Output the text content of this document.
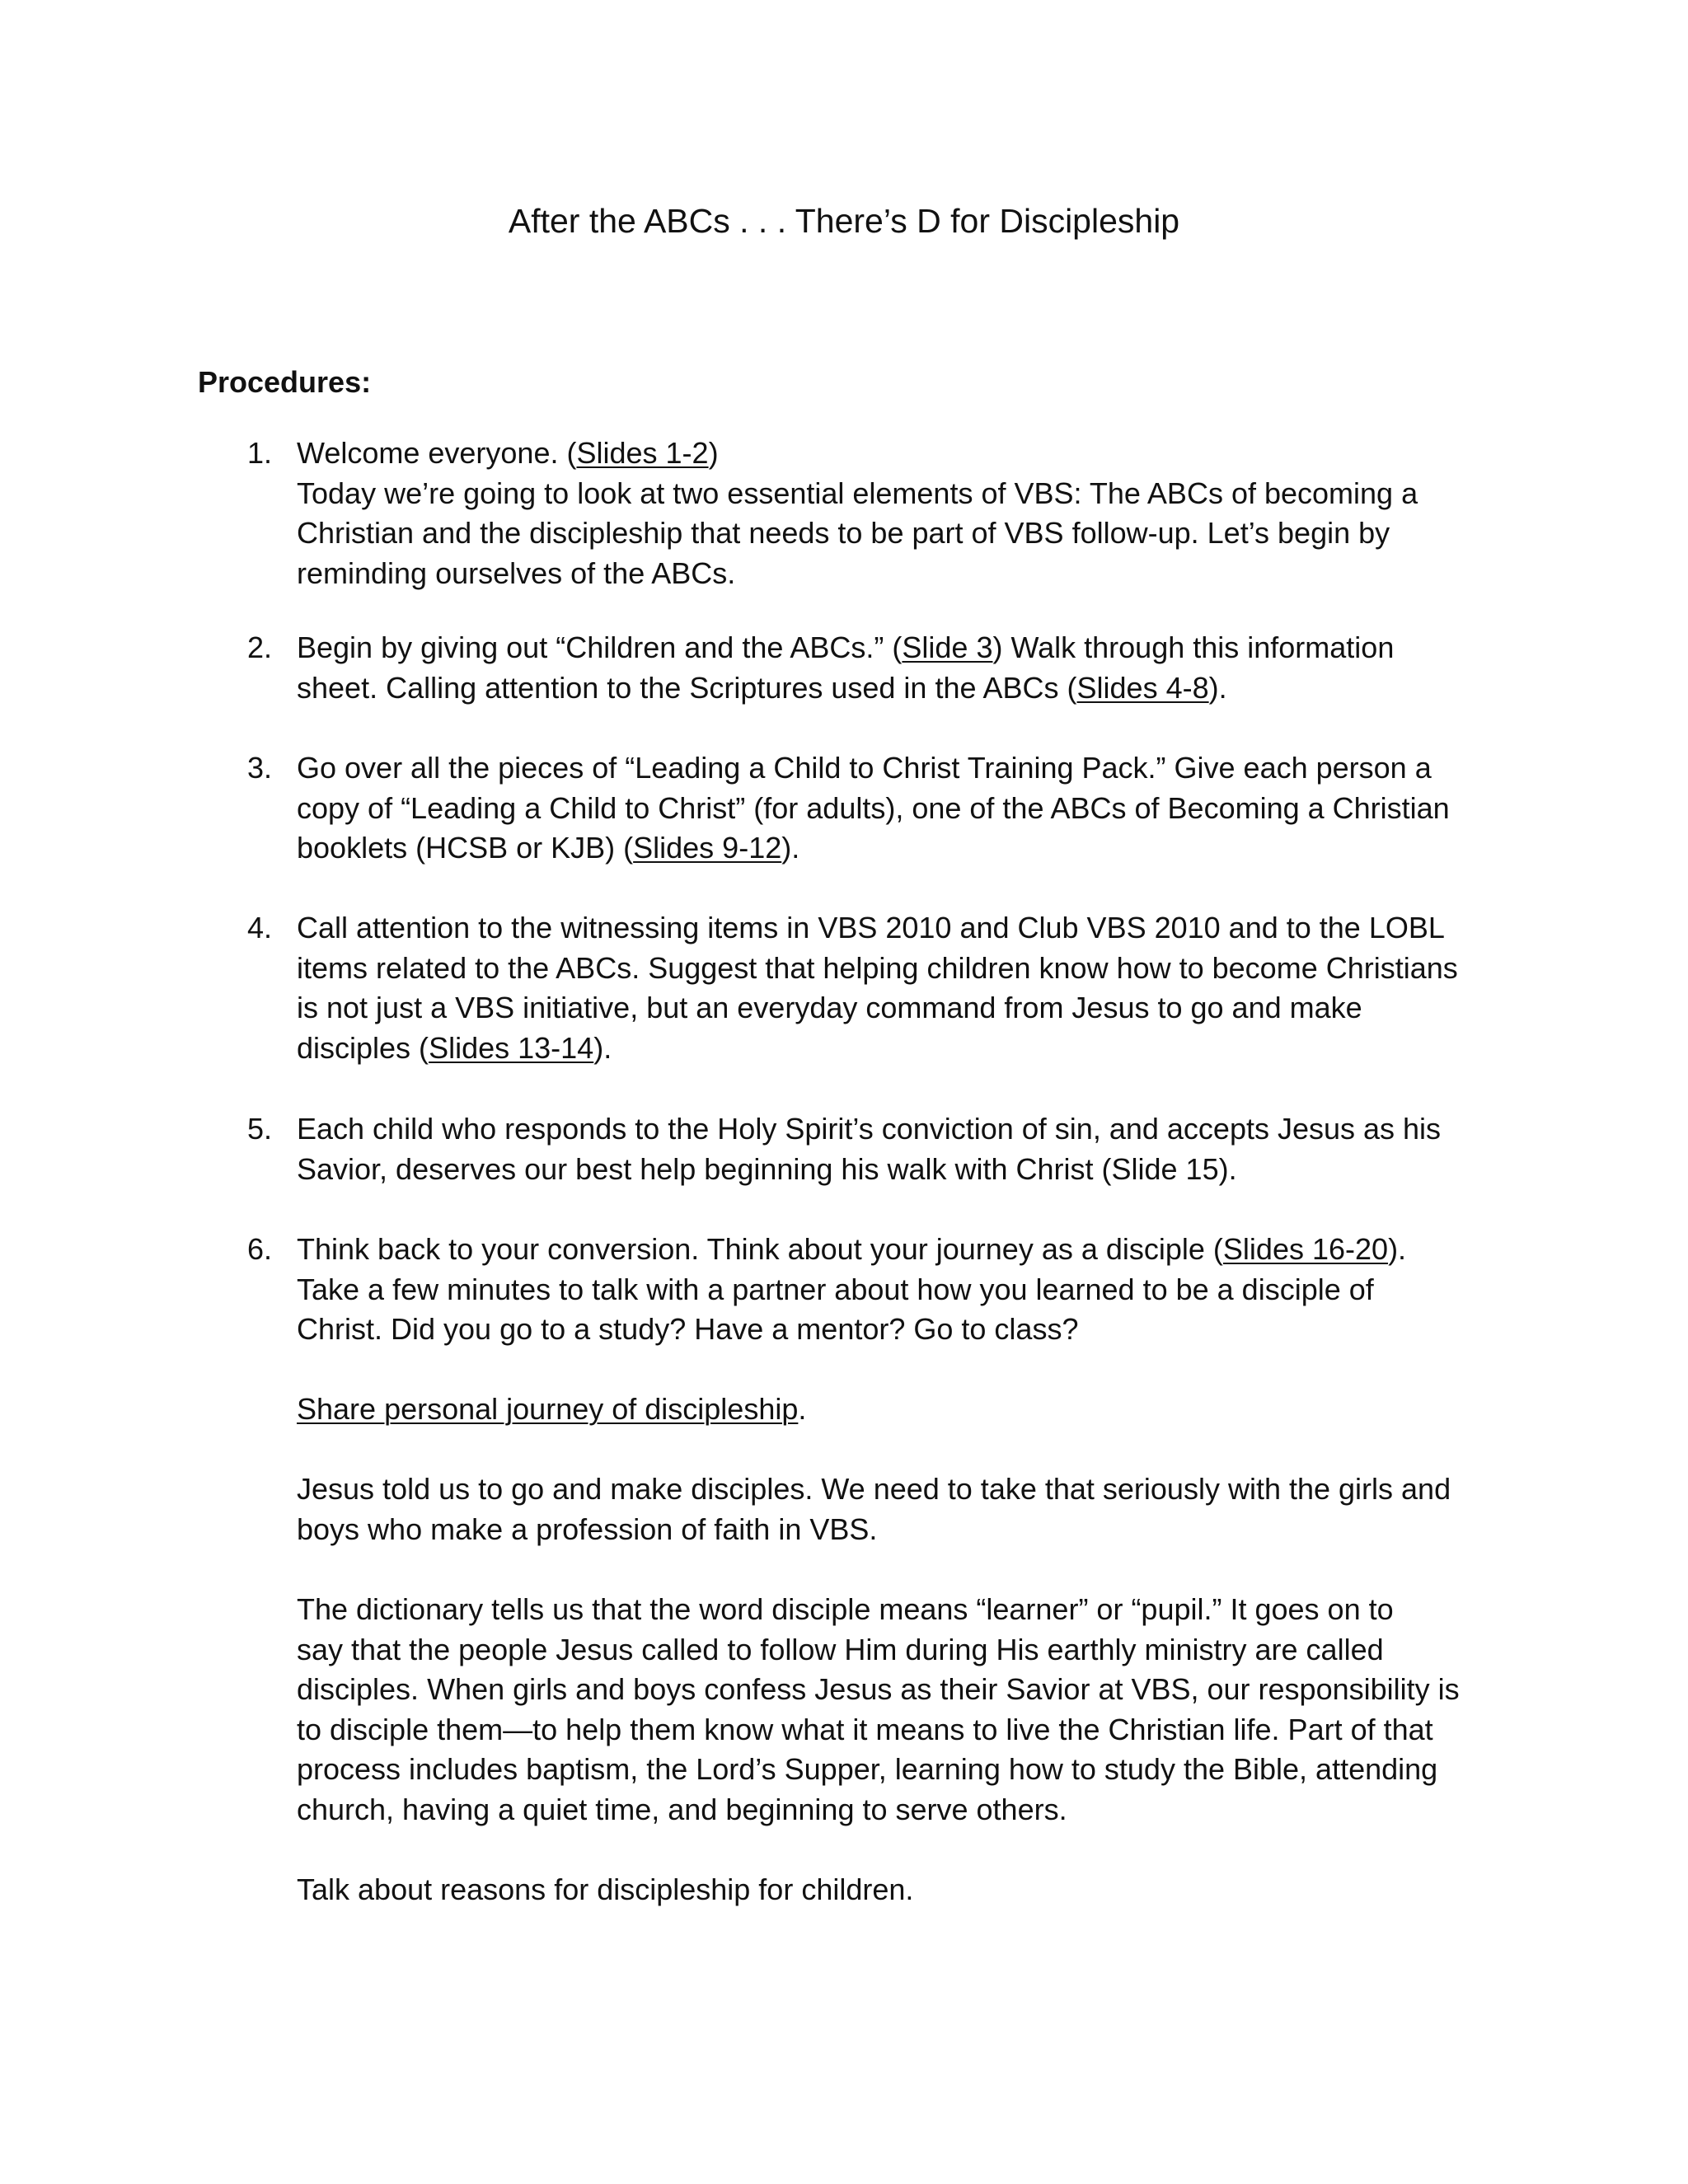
After the ABCs . . . There’s D for Discipleship
Procedures:
1. Welcome everyone. (Slides 1-2)
Today we’re going to look at two essential elements of VBS: The ABCs of becoming a
Christian and the discipleship that needs to be part of VBS follow-up. Let’s begin by
reminding ourselves of the ABCs.
2. Begin by giving out “Children and the ABCs.” (Slide 3) Walk through this information
sheet. Calling attention to the Scriptures used in the ABCs (Slides 4-8).
3. Go over all the pieces of “Leading a Child to Christ Training Pack.” Give each person a
copy of “Leading a Child to Christ” (for adults), one of the ABCs of Becoming a Christian
booklets (HCSB or KJB) (Slides 9-12).
4. Call attention to the witnessing items in VBS 2010 and Club VBS 2010 and to the LOBL
items related to the ABCs. Suggest that helping children know how to become Christians
is not just a VBS initiative, but an everyday command from Jesus to go and make
disciples (Slides 13-14).
5. Each child who responds to the Holy Spirit’s conviction of sin, and accepts Jesus as his
Savior, deserves our best help beginning his walk with Christ (Slide 15).
6. Think back to your conversion. Think about your journey as a disciple (Slides 16-20).
Take a few minutes to talk with a partner about how you learned to be a disciple of
Christ. Did you go to a study? Have a mentor? Go to class?
Share personal journey of discipleship.
Jesus told us to go and make disciples. We need to take that seriously with the girls and
boys who make a profession of faith in VBS.
The dictionary tells us that the word disciple means “learner” or “pupil.” It goes on to
say that the people Jesus called to follow Him during His earthly ministry are called
disciples. When girls and boys confess Jesus as their Savior at VBS, our responsibility is
to disciple them—to help them know what it means to live the Christian life. Part of that
process includes baptism, the Lord’s Supper, learning how to study the Bible, attending
church, having a quiet time, and beginning to serve others.
Talk about reasons for discipleship for children.
